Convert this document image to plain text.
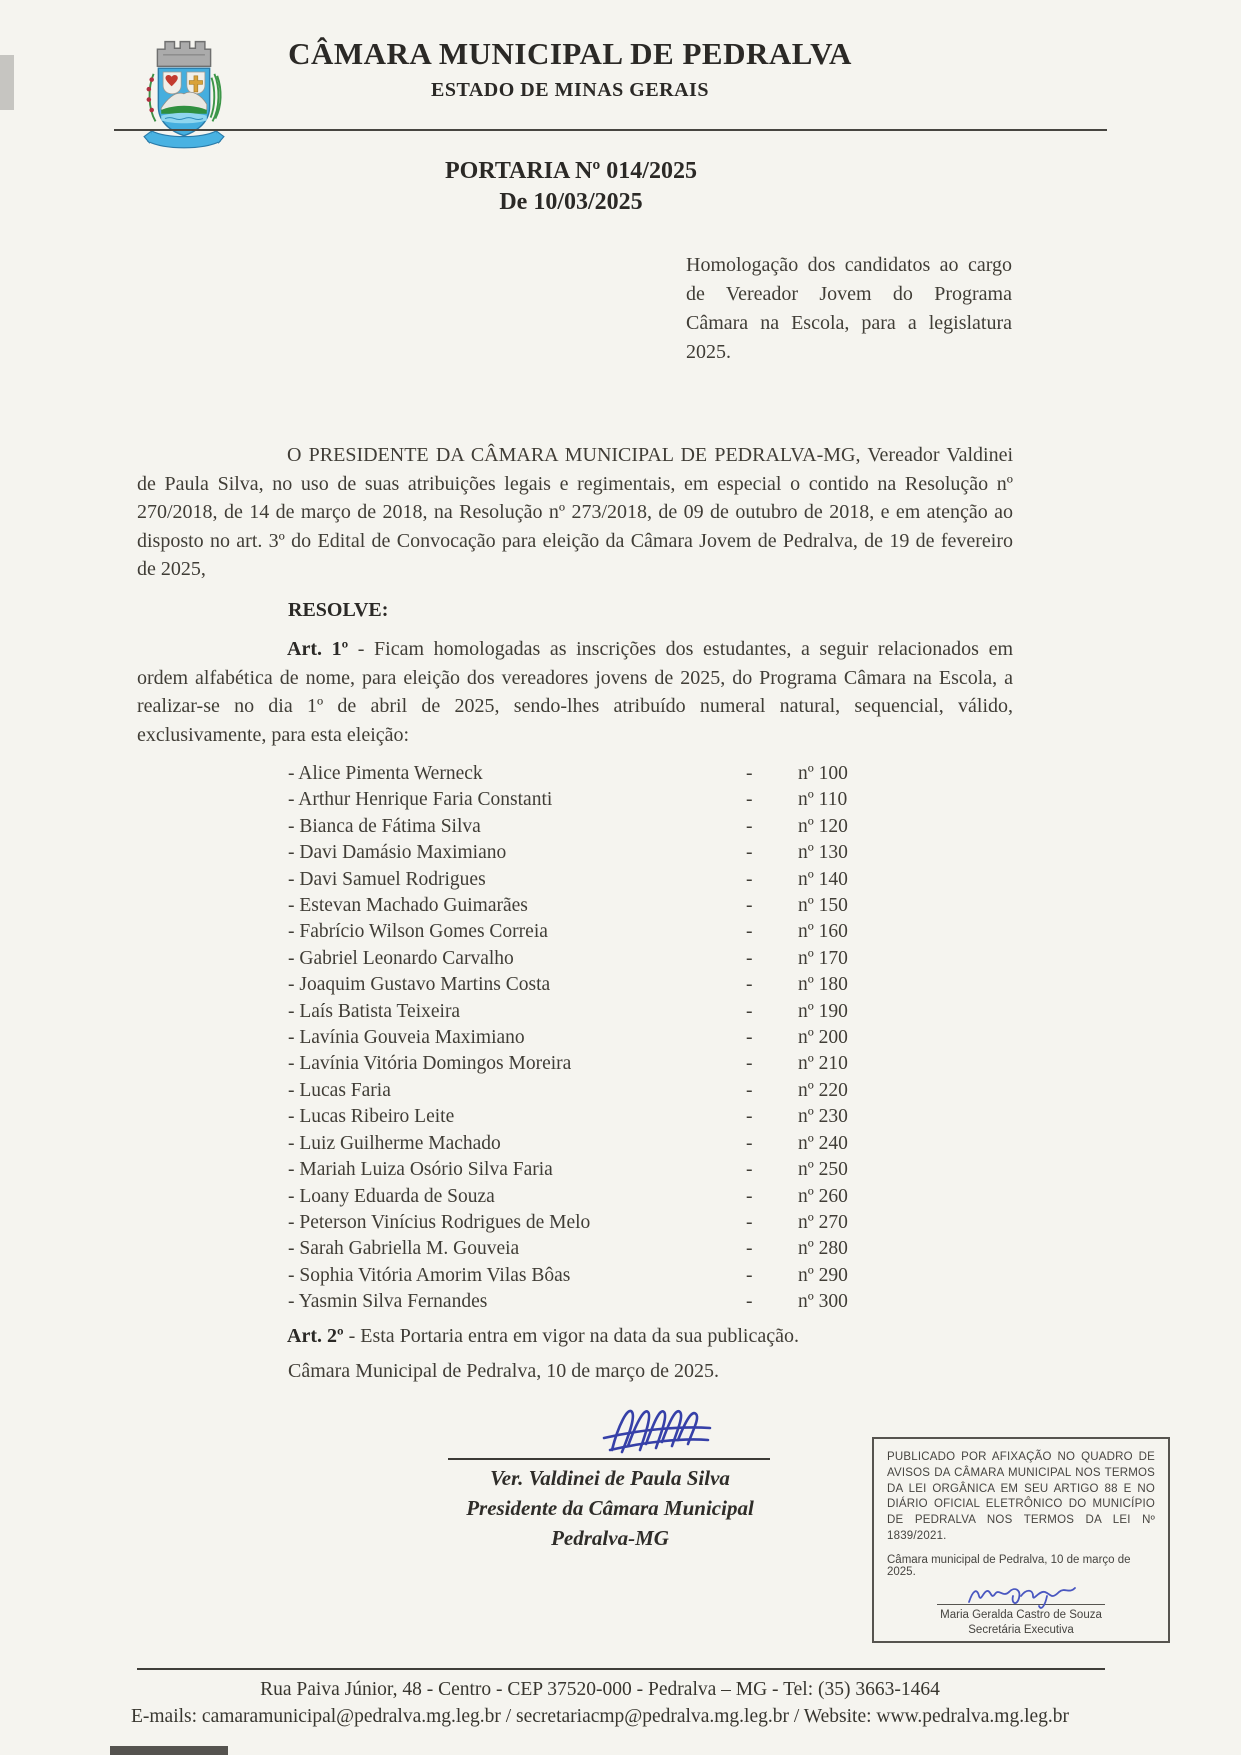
CÂMARA MUNICIPAL DE PEDRALVA
ESTADO DE MINAS GERAIS
PORTARIA Nº 014/2025
De 10/03/2025
Homologação dos candidatos ao cargo de Vereador Jovem do Programa Câmara na Escola, para a legislatura 2025.
O PRESIDENTE DA CÂMARA MUNICIPAL DE PEDRALVA-MG, Vereador Valdinei de Paula Silva, no uso de suas atribuições legais e regimentais, em especial o contido na Resolução nº 270/2018, de 14 de março de 2018, na Resolução nº 273/2018, de 09 de outubro de 2018, e em atenção ao disposto no art. 3º do Edital de Convocação para eleição da Câmara Jovem de Pedralva, de 19 de fevereiro de 2025,
RESOLVE:
Art. 1º - Ficam homologadas as inscrições dos estudantes, a seguir relacionados em ordem alfabética de nome, para eleição dos vereadores jovens de 2025, do Programa Câmara na Escola, a realizar-se no dia 1º de abril de 2025, sendo-lhes atribuído numeral natural, sequencial, válido, exclusivamente, para esta eleição:
- Alice Pimenta Werneck	-	nº 100
- Arthur Henrique Faria Constanti	-	nº 110
- Bianca de Fátima Silva	-	nº 120
- Davi Damásio Maximiano	-	nº 130
- Davi Samuel Rodrigues	-	nº 140
- Estevan Machado Guimarães	-	nº 150
- Fabrício Wilson Gomes Correia	-	nº 160
- Gabriel Leonardo Carvalho	-	nº 170
- Joaquim Gustavo Martins Costa	-	nº 180
- Laís Batista Teixeira	-	nº 190
- Lavínia Gouveia Maximiano	-	nº 200
- Lavínia Vitória Domingos Moreira	-	nº 210
- Lucas Faria	-	nº 220
- Lucas Ribeiro Leite	-	nº 230
- Luiz Guilherme Machado	-	nº 240
- Mariah Luiza Osório Silva Faria	-	nº 250
- Loany Eduarda de Souza	-	nº 260
- Peterson Vinícius Rodrigues de Melo	-	nº 270
- Sarah Gabriella M. Gouveia	-	nº 280
- Sophia Vitória Amorim Vilas Bôas	-	nº 290
- Yasmin Silva Fernandes	-	nº 300
Art. 2º - Esta Portaria entra em vigor na data da sua publicação.
Câmara Municipal de Pedralva, 10 de março de 2025.
Ver. Valdinei de Paula Silva
Presidente da Câmara Municipal
Pedralva-MG
PUBLICADO POR AFIXAÇÃO NO QUADRO DE AVISOS DA CÂMARA MUNICIPAL NOS TERMOS DA LEI ORGÂNICA EM SEU ARTIGO 88 E NO DIÁRIO OFICIAL ELETRÔNICO DO MUNICÍPIO DE PEDRALVA NOS TERMOS DA LEI Nº 1839/2021.
Câmara municipal de Pedralva, 10 de março de 2025.
Maria Geralda Castro de Souza
Secretária Executiva
Rua Paiva Júnior, 48 - Centro - CEP 37520-000 - Pedralva – MG - Tel: (35) 3663-1464
E-mails: camaramunicipal@pedralva.mg.leg.br / secretariacmp@pedralva.mg.leg.br / Website: www.pedralva.mg.leg.br
